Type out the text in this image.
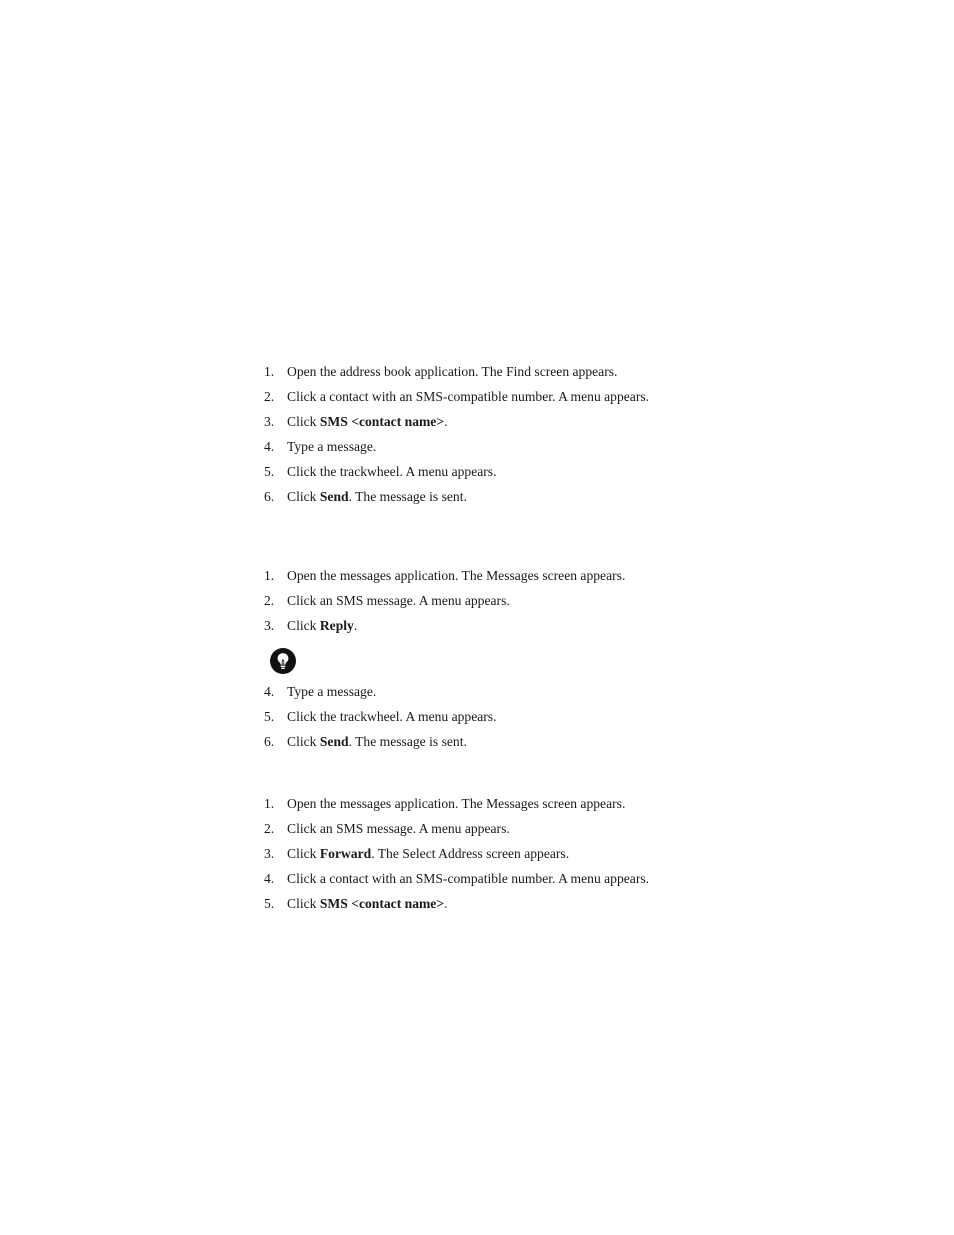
1. Open the address book application. The Find screen appears.
2. Click a contact with an SMS-compatible number. A menu appears.
3. Click SMS <contact name>.
4. Type a message.
5. Click the trackwheel. A menu appears.
6. Click Send. The message is sent.
1. Open the messages application. The Messages screen appears.
2. Click an SMS message. A menu appears.
3. Click Reply.
4. Type a message.
5. Click the trackwheel. A menu appears.
6. Click Send. The message is sent.
1. Open the messages application. The Messages screen appears.
2. Click an SMS message. A menu appears.
3. Click Forward. The Select Address screen appears.
4. Click a contact with an SMS-compatible number. A menu appears.
5. Click SMS <contact name>.
